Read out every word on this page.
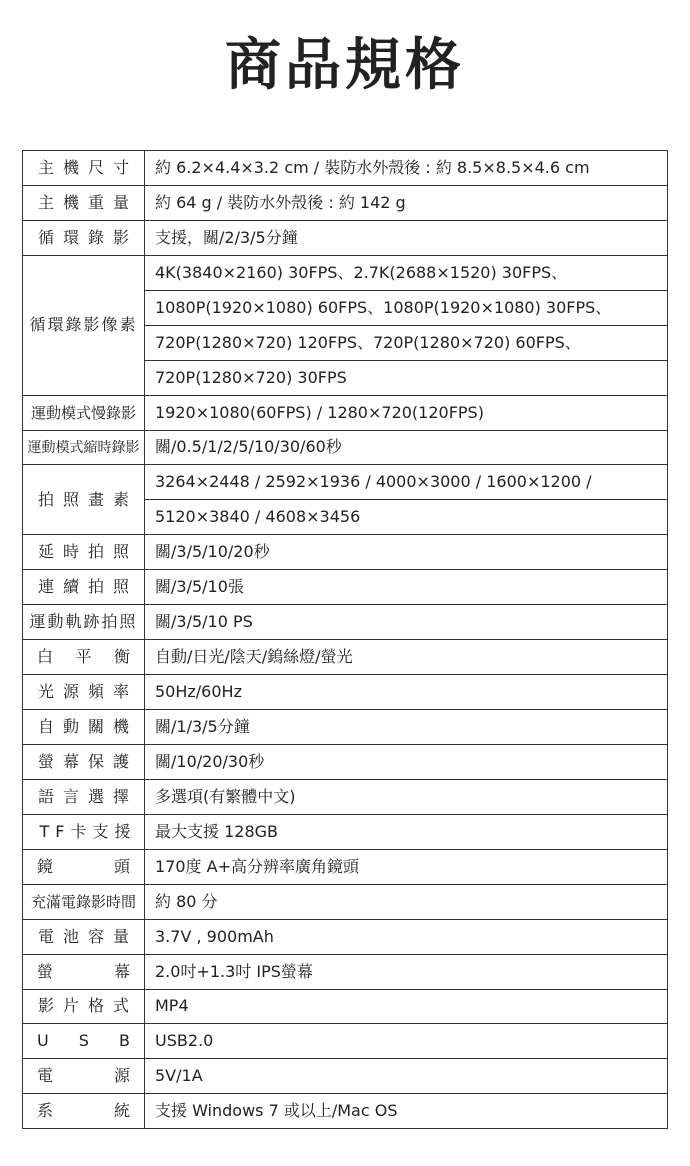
商品規格
主機尺寸	約 6.2×4.4×3.2 cm / 裝防水外殼後 : 約 8.5×8.5×4.6 cm
主機重量	約 64 g / 裝防水外殼後 : 約 142 g
循環錄影	支援，關/2/3/5分鐘
循環錄影像素	4K(3840×2160) 30FPS、2.7K(2688×1520) 30FPS、
	1080P(1920×1080) 60FPS、1080P(1920×1080) 30FPS、
	720P(1280×720) 120FPS、720P(1280×720) 60FPS、
	720P(1280×720) 30FPS
運動模式慢錄影	1920×1080(60FPS) / 1280×720(120FPS)
運動模式縮時錄影	關/0.5/1/2/5/10/30/60秒
拍照畫素	3264×2448 / 2592×1936 / 4000×3000 / 1600×1200 /
	5120×3840 / 4608×3456
延時拍照	關/3/5/10/20秒
連續拍照	關/3/5/10張
運動軌跡拍照	關/3/5/10 PS

白 平 衡	自動/日光/陰天/鎢絲燈/螢光
光源頻率	50Hz/60Hz
自動關機	關/1/3/5分鐘
螢幕保護	關/10/20/30秒
語言選擇	多選項(有繁體中文)
TF卡支援	最大支援 128GB

鏡 頭	170度 A+高分辨率廣角鏡頭
充滿電錄影時間	約 80 分
電池容量	3.7V , 900mAh

螢 幕	2.0吋+1.3吋 IPS螢幕
影片格式	MP4

U S B	USB2.0

電 源	5V/1A

系 統	支援 Windows 7 或以上/Mac OS
